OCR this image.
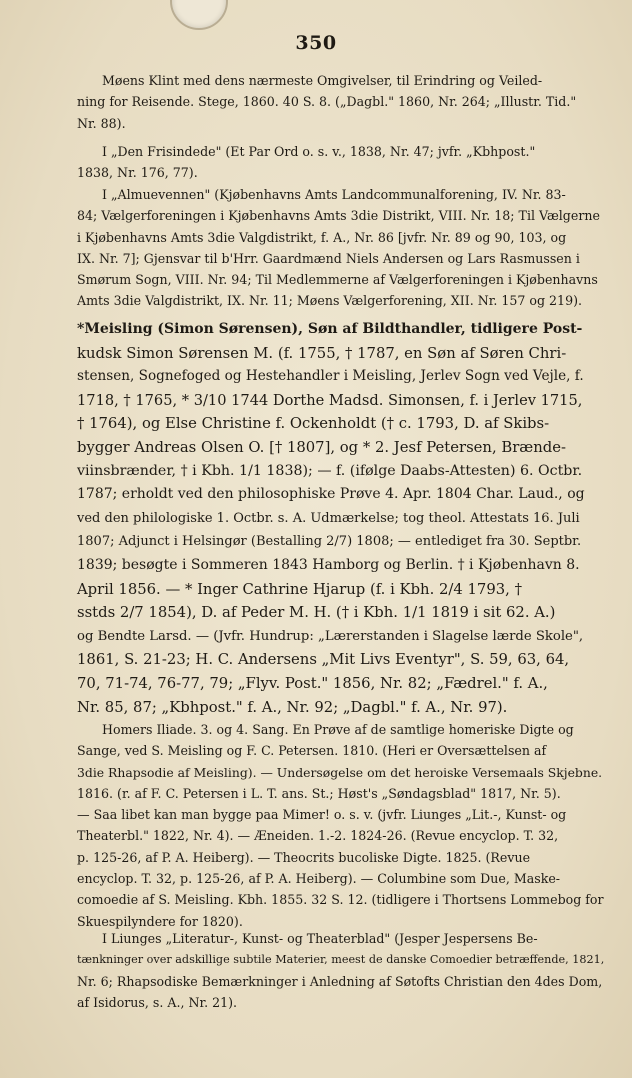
350

Møens Klint med dens nærmeste Omgivelser, til Erindring og Veiled-
ning for Reisende. Stege, 1860. 40 S. 8. („Dagbl." 1860, Nr. 264; „Illustr. Tid."
Nr. 88).

I „Den Frisindede" (Et Par Ord o. s. v., 1838, Nr. 47; jvfr. „Kbhpost."
1838, Nr. 176, 77).

I „Almuevennen" (Kjøbenhavns Amts Landcommunalforening, IV. Nr. 83-
84; Vælgerforeningen i Kjøbenhavns Amts 3die Distrikt, VIII. Nr. 18; Til Vælgerne
i Kjøbenhavns Amts 3die Valgdistrikt, f. A., Nr. 86 [jvfr. Nr. 89 og 90, 103, og
IX. Nr. 7]; Gjensvar til b'Hrr. Gaardmænd Niels Andersen og Lars Rasmussen i
Smørum Sogn, VIII. Nr. 94; Til Medlemmerne af Vælgerforeningen i Kjøbenhavns
Amts 3die Valgdistrikt, IX. Nr. 11; Møens Vælgerforening, XII. Nr. 157 og 219).

*Meisling (Simon Sørensen), Søn af Bildthandler, tidligere Post-
kudsk Simon Sørensen M. (f. 1755, † 1787, en Søn af Søren Chri-
stensen, Sognefoged og Hestehandler i Meisling, Jerlev Sogn ved Vejle, f.
1718, † 1765, * 3/10 1744 Dorthe Madsd. Simonsen, f. i Jerlev 1715,
† 1764), og Else Christine f. Ockenholdt († c. 1793, D. af Skibs-
bygger Andreas Olsen O. [† 1807], og * 2. Jesf Petersen, Brænde-
viinsbrænder, † i Kbh. 1/1 1838); — f. (ifølge Daabs-Attesten) 6. Octbr.
1787; erholdt ved den philosophiske Prøve 4. Apr. 1804 Char. Laud., og
ved den philologiske 1. Octbr. s. A. Udmærkelse; tog theol. Attestats 16. Juli
1807; Adjunct i Helsingør (Bestalling 2/7) 1808; — entlediget fra 30. Septbr.
1839; besøgte i Sommeren 1843 Hamborg og Berlin. † i Kjøbenhavn 8.
April 1856. — * Inger Cathrine Hjarup (f. i Kbh. 2/4 1793, †
sstds 2/7 1854), D. af Peder M. H. († i Kbh. 1/1 1819 i sit 62. A.)
og Bendte Larsd. — (Jvfr. Hundrup: „Lærerstanden i Slagelse lærde Skole",
1861, S. 21-23; H. C. Andersens „Mit Livs Eventyr", S. 59, 63, 64,
70, 71-74, 76-77, 79; „Flyv. Post." 1856, Nr. 82; „Fædrel." f. A.,
Nr. 85, 87; „Kbhpost." f. A., Nr. 92; „Dagbl." f. A., Nr. 97).

Homers Iliade. 3. og 4. Sang. En Prøve af de samtlige homeriske Digte og
Sange, ved S. Meisling og F. C. Petersen. 1810. (Heri er Oversættelsen af
3die Rhapsodie af Meisling). — Undersøgelse om det heroiske Versemaals Skjebne.
1816. (r. af F. C. Petersen i L. T. ans. St.; Høst's „Søndagsblad" 1817, Nr. 5).
— Saa libet kan man bygge paa Mimer! o. s. v. (jvfr. Liunges „Lit.-, Kunst- og
Theaterbl." 1822, Nr. 4). — Æneiden. 1.-2. 1824-26. (Revue encyclop. T. 32,
p. 125-26, af P. A. Heiberg). — Theocrits bucoliske Digte. 1825. (Revue
encyclop. T. 32, p. 125-26, af P. A. Heiberg). — Columbine som Due, Maske-
comoedie af S. Meisling. Kbh. 1855. 32 S. 12. (tidligere i Thortsens Lommebog for
Skuespilyndere for 1820).

I Liunges „Literatur-, Kunst- og Theaterblad" (Jesper Jespersens Be-
tænkninger over adskillige subtile Materier, meest de danske Comoedier betræffende, 1821,
Nr. 6; Rhapsodiske Bemærkninger i Anledning af Søtofts Christian den 4des Dom,
af Isidorus, s. A., Nr. 21).
